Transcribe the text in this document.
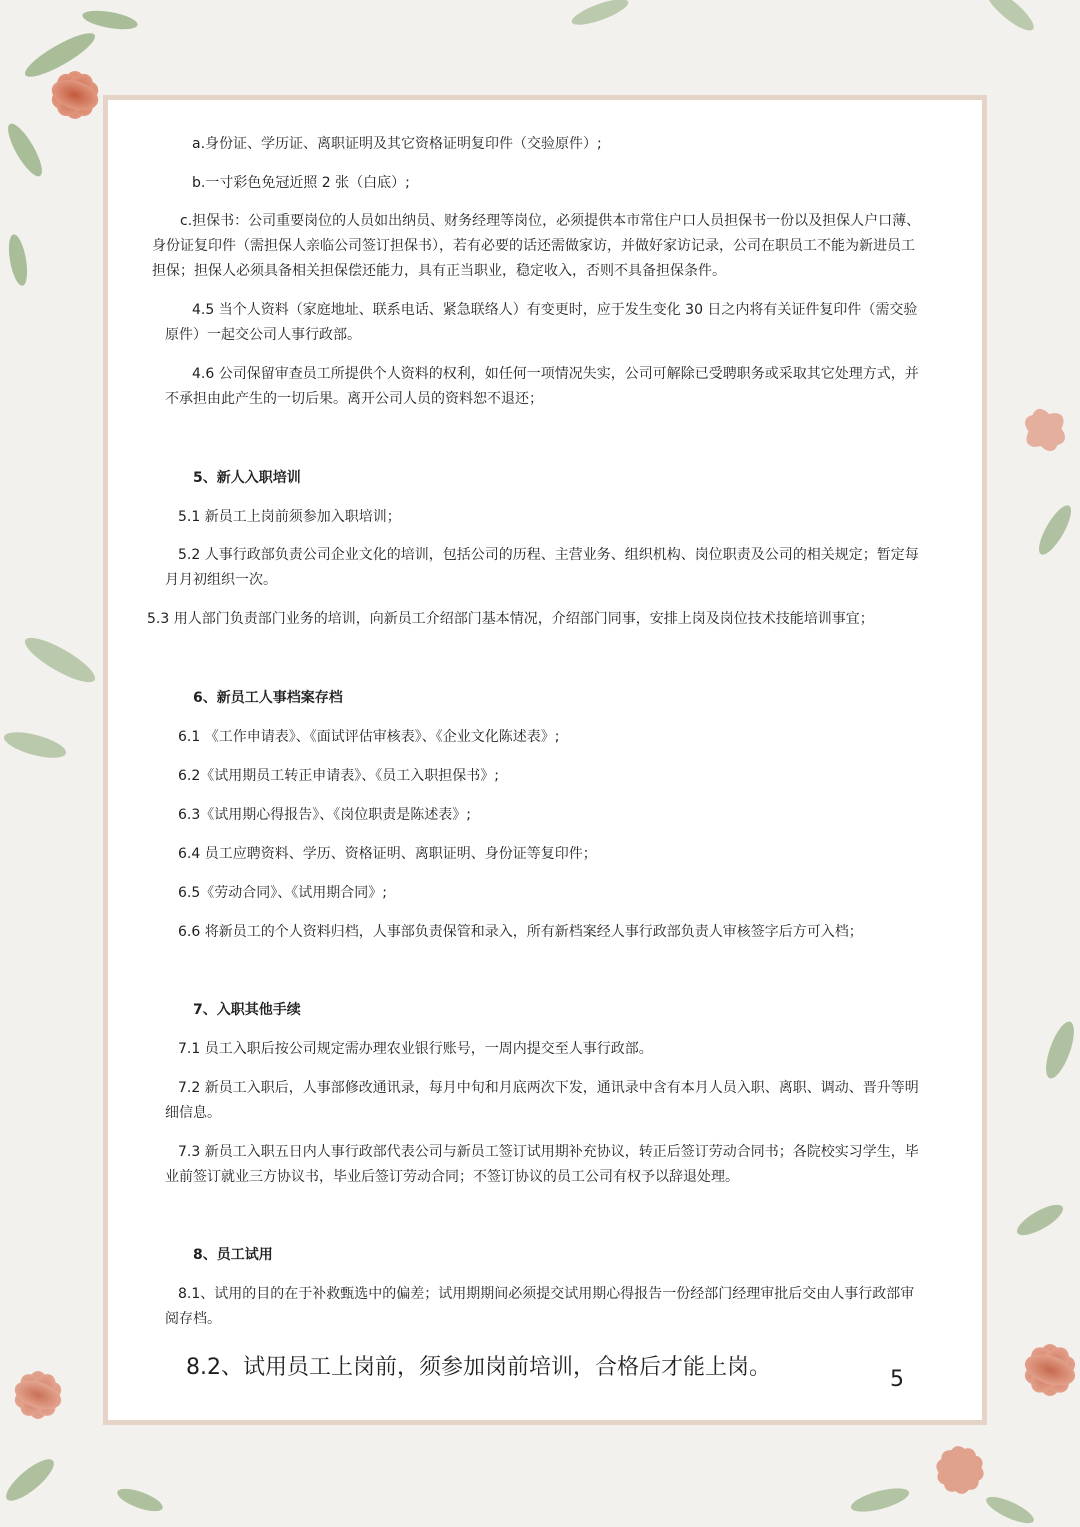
a.身份证、学历证、离职证明及其它资格证明复印件（交验原件）;

b.一寸彩色免冠近照 2 张（白底）;

c.担保书：公司重要岗位的人员如出纳员、财务经理等岗位，必须提供本市常住户口人员担保书一份以及担保人户口薄、身份证复印件（需担保人亲临公司签订担保书），若有必要的话还需做家访，并做好家访记录，公司在职员工不能为新进员工担保；担保人必须具备相关担保偿还能力，具有正当职业，稳定收入，否则不具备担保条件。

4.5 当个人资料（家庭地址、联系电话、紧急联络人）有变更时，应于发生变化 30 日之内将有关证件复印件（需交验原件）一起交公司人事行政部。

4.6 公司保留审查员工所提供个人资料的权利，如任何一项情况失实，公司可解除已受聘职务或采取其它处理方式，并不承担由此产生的一切后果。离开公司人员的资料恕不退还；

5、新人入职培训

5.1 新员工上岗前须参加入职培训；

5.2 人事行政部负责公司企业文化的培训，包括公司的历程、主营业务、组织机构、岗位职责及公司的相关规定；暂定每月月初组织一次。

5.3 用人部门负责部门业务的培训，向新员工介绍部门基本情况，介绍部门同事，安排上岗及岗位技术技能培训事宜；

6、新员工人事档案存档

6.1 《工作申请表》、《面试评估审核表》、《企业文化陈述表》;

6.2《试用期员工转正申请表》、《员工入职担保书》;

6.3《试用期心得报告》、《岗位职责是陈述表》;

6.4 员工应聘资料、学历、资格证明、离职证明、身份证等复印件；

6.5《劳动合同》、《试用期合同》;

6.6 将新员工的个人资料归档，人事部负责保管和录入，所有新档案经人事行政部负责人审核签字后方可入档；

7、入职其他手续

7.1 员工入职后按公司规定需办理农业银行账号，一周内提交至人事行政部。

7.2 新员工入职后，人事部修改通讯录，每月中旬和月底两次下发，通讯录中含有本月人员入职、离职、调动、晋升等明细信息。

7.3 新员工入职五日内人事行政部代表公司与新员工签订试用期补充协议，转正后签订劳动合同书；各院校实习学生，毕业前签订就业三方协议书，毕业后签订劳动合同；不签订协议的员工公司有权予以辞退处理。

8、员工试用

8.1、试用的目的在于补救甄选中的偏差；试用期期间必须提交试用期心得报告一份经部门经理审批后交由人事行政部审阅存档。

8.2、试用员工上岗前，须参加岗前培训，合格后才能上岗。	5
